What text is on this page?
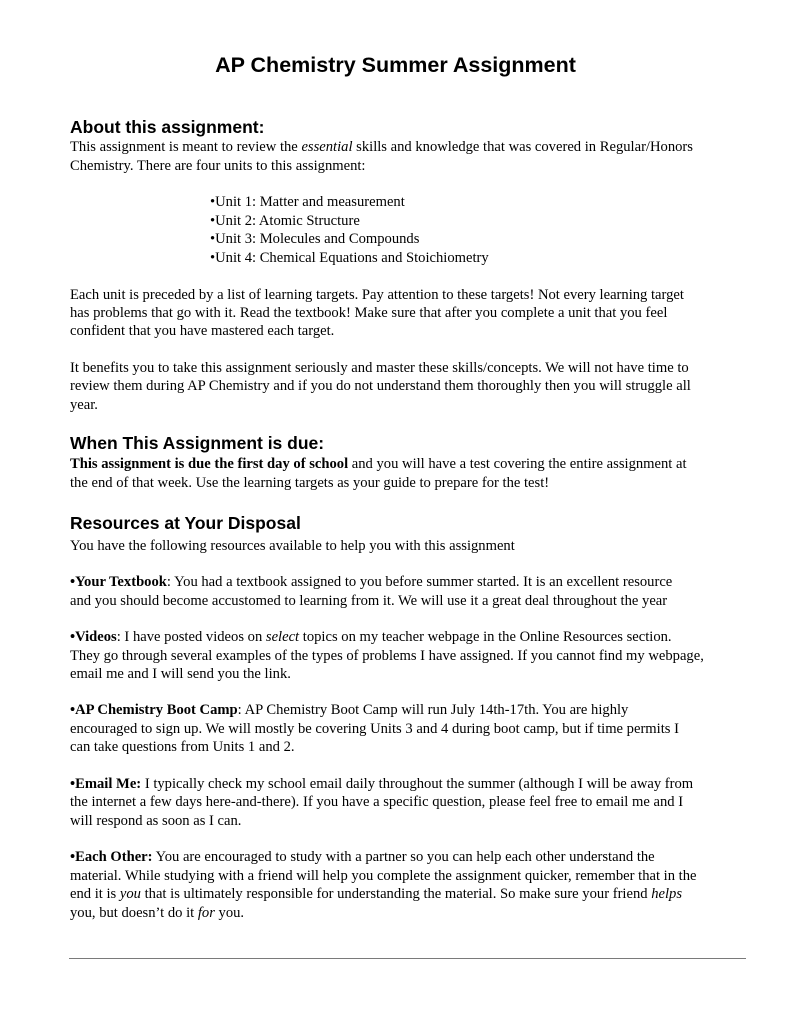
AP Chemistry Summer Assignment
About this assignment:
This assignment is meant to review the essential skills and knowledge that was covered in Regular/Honors
Chemistry. There are four units to this assignment:
•Unit 1: Matter and measurement
•Unit 2: Atomic Structure
•Unit 3: Molecules and Compounds
•Unit 4: Chemical Equations and Stoichiometry
Each unit is preceded by a list of learning targets. Pay attention to these targets! Not every learning target
has problems that go with it. Read the textbook! Make sure that after you complete a unit that you feel
confident that you have mastered each target.
It benefits you to take this assignment seriously and master these skills/concepts. We will not have time to
review them during AP Chemistry and if you do not understand them thoroughly then you will struggle all
year.
When This Assignment is due:
This assignment is due the first day of school and you will have a test covering the entire assignment at
the end of that week. Use the learning targets as your guide to prepare for the test!
Resources at Your Disposal
You have the following resources available to help you with this assignment
•Your Textbook: You had a textbook assigned to you before summer started. It is an excellent resource
and you should become accustomed to learning from it. We will use it a great deal throughout the year
•Videos: I have posted videos on select topics on my teacher webpage in the Online Resources section.
They go through several examples of the types of problems I have assigned. If you cannot find my webpage,
email me and I will send you the link.
•AP Chemistry Boot Camp: AP Chemistry Boot Camp will run July 14th-17th. You are highly
encouraged to sign up. We will mostly be covering Units 3 and 4 during boot camp, but if time permits I
can take questions from Units 1 and 2.
•Email Me: I typically check my school email daily throughout the summer (although I will be away from
the internet a few days here-and-there). If you have a specific question, please feel free to email me and I
will respond as soon as I can.
•Each Other: You are encouraged to study with a partner so you can help each other understand the
material. While studying with a friend will help you complete the assignment quicker, remember that in the
end it is you that is ultimately responsible for understanding the material. So make sure your friend helps
you, but doesn’t do it for you.
